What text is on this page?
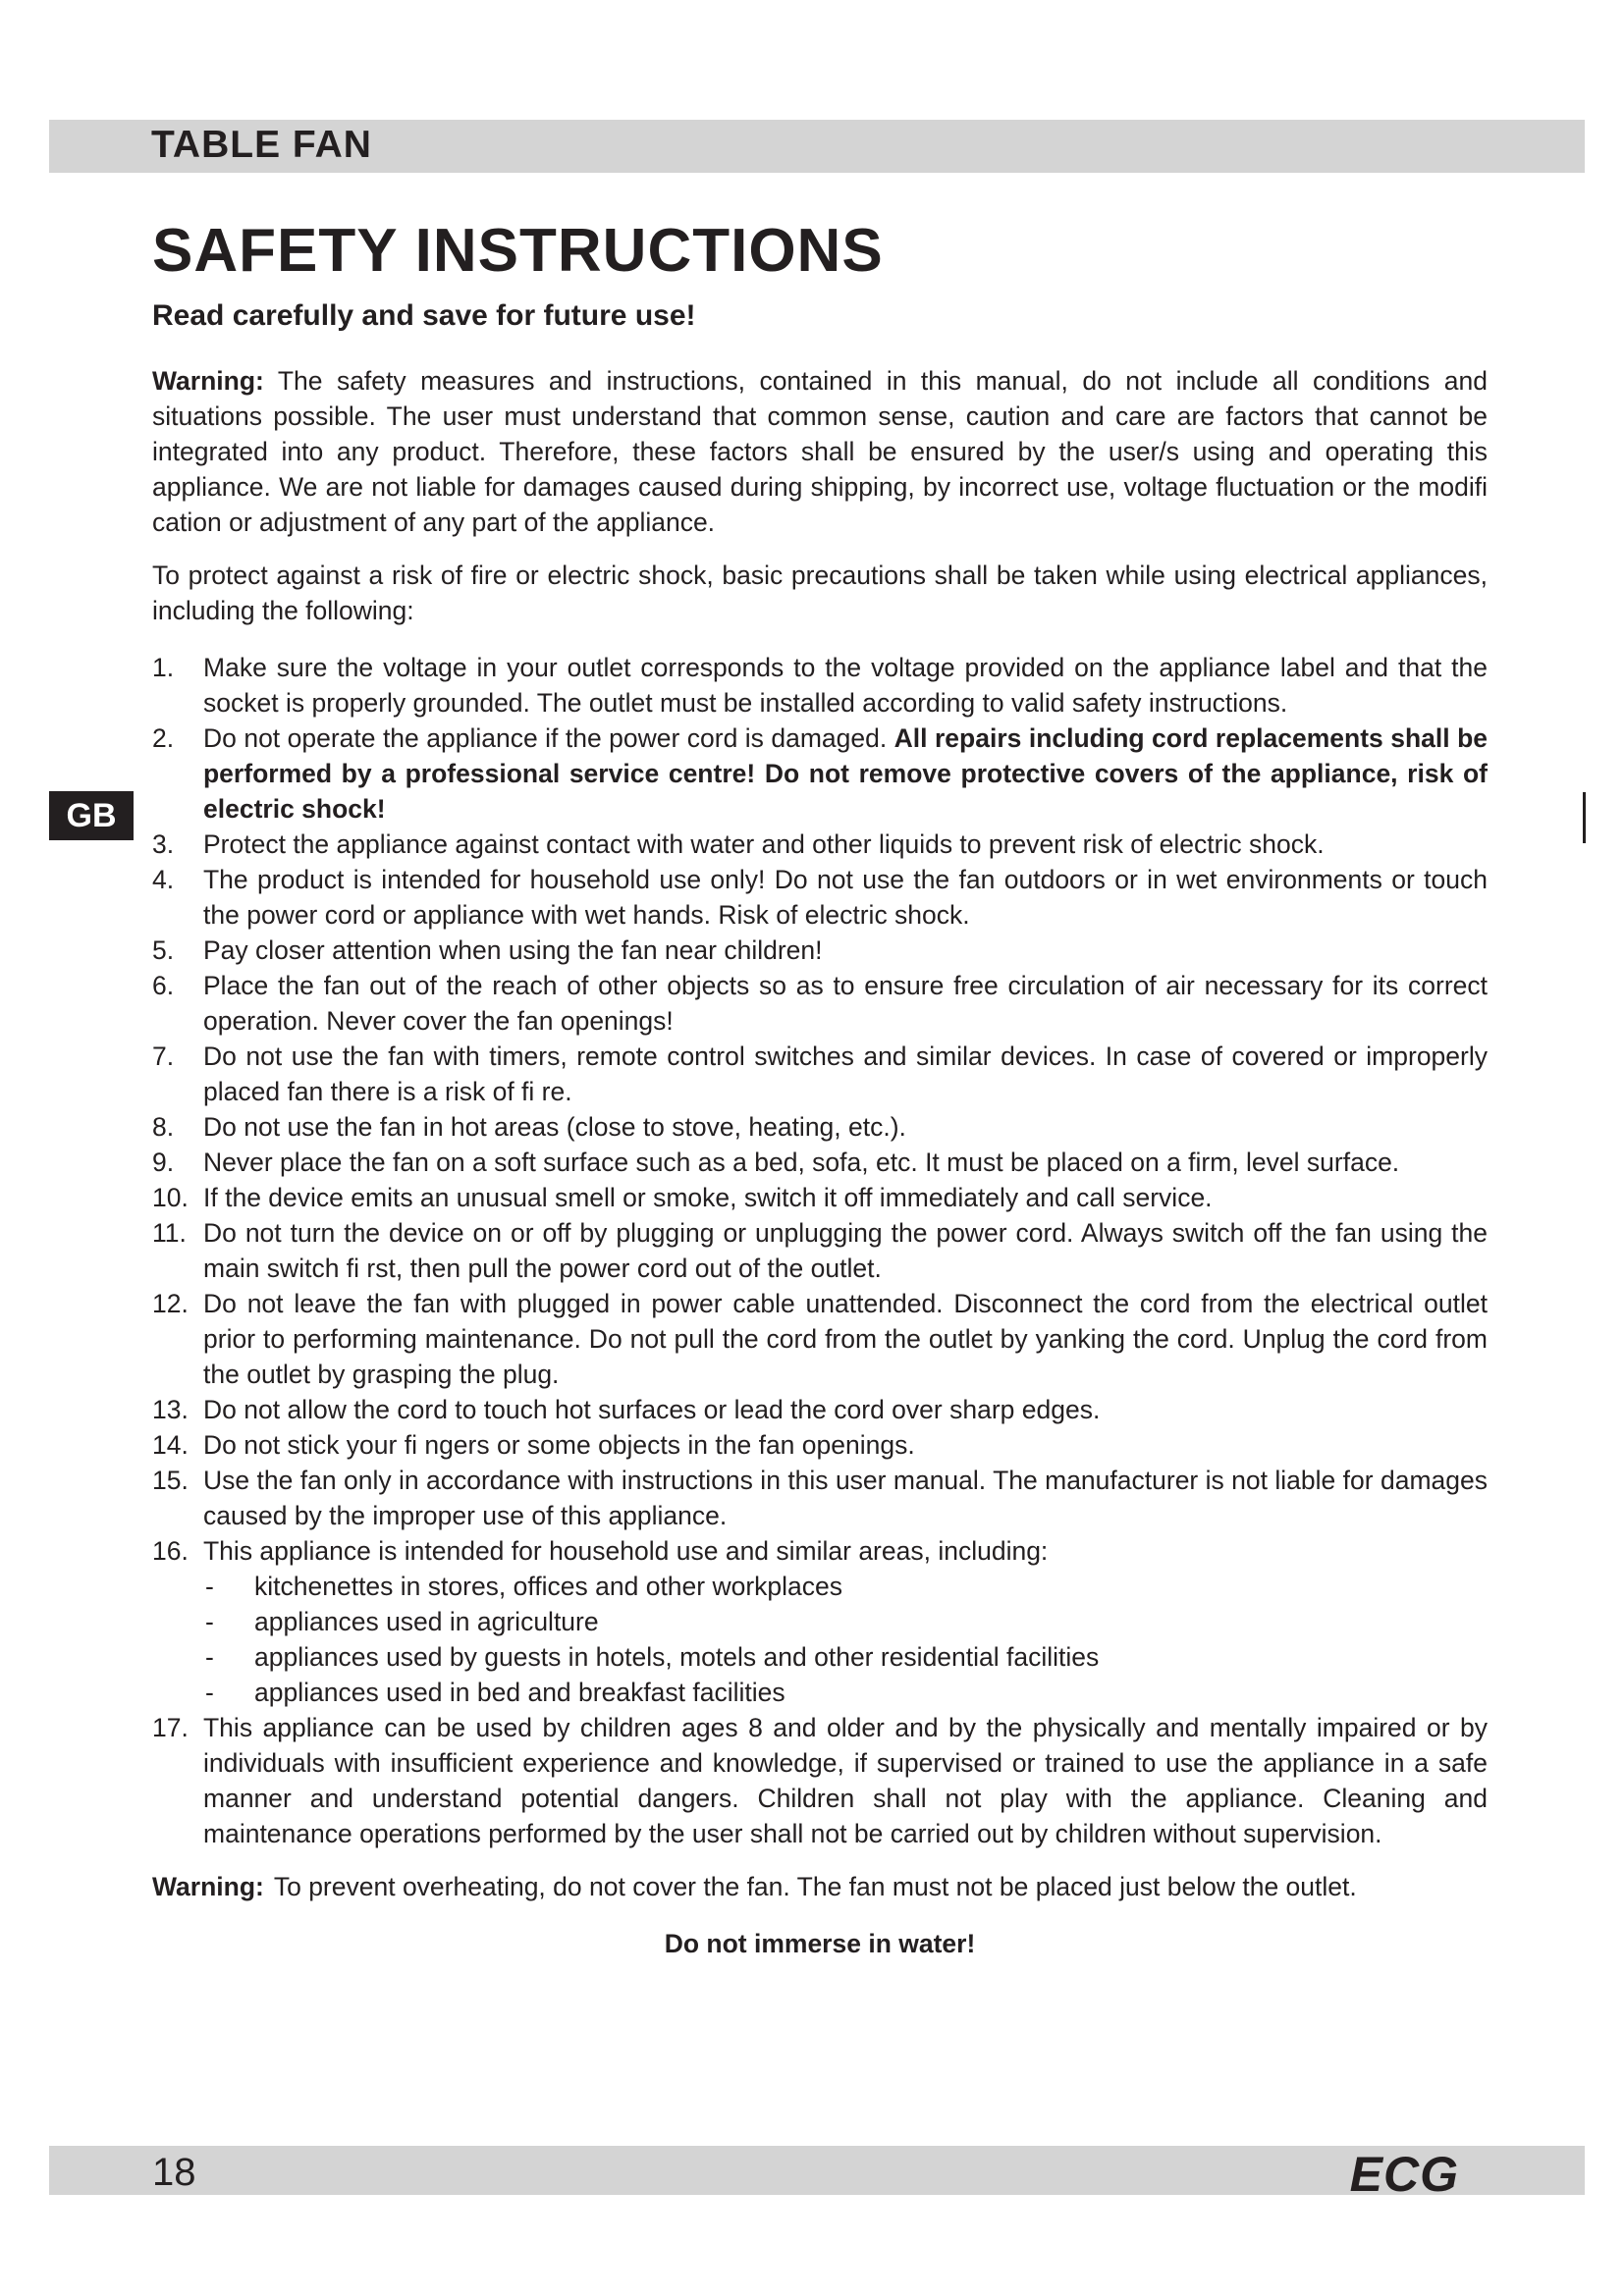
TABLE FAN
SAFETY INSTRUCTIONS
Read carefully and save for future use!

Warning: The safety measures and instructions, contained in this manual, do not include all conditions and situations possible. The user must understand that common sense, caution and care are factors that cannot be integrated into any product. Therefore, these factors shall be ensured by the user/s using and operating this appliance. We are not liable for damages caused during shipping, by incorrect use, voltage fluctuation or the modifi cation or adjustment of any part of the appliance.

To protect against a risk of fire or electric shock, basic precautions shall be taken while using electrical appliances, including the following:

1. Make sure the voltage in your outlet corresponds to the voltage provided on the appliance label and that the socket is properly grounded. The outlet must be installed according to valid safety instructions.
2. Do not operate the appliance if the power cord is damaged. All repairs including cord replacements shall be performed by a professional service centre! Do not remove protective covers of the appliance, risk of electric shock!
3. Protect the appliance against contact with water and other liquids to prevent risk of electric shock.
4. The product is intended for household use only! Do not use the fan outdoors or in wet environments or touch the power cord or appliance with wet hands. Risk of electric shock.
5. Pay closer attention when using the fan near children!
6. Place the fan out of the reach of other objects so as to ensure free circulation of air necessary for its correct operation. Never cover the fan openings!
7. Do not use the fan with timers, remote control switches and similar devices. In case of covered or improperly placed fan there is a risk of fi re.
8. Do not use the fan in hot areas (close to stove, heating, etc.).
9. Never place the fan on a soft surface such as a bed, sofa, etc. It must be placed on a firm, level surface.
10. If the device emits an unusual smell or smoke, switch it off immediately and call service.
11. Do not turn the device on or off by plugging or unplugging the power cord. Always switch off the fan using the main switch fi rst, then pull the power cord out of the outlet.
12. Do not leave the fan with plugged in power cable unattended. Disconnect the cord from the electrical outlet prior to performing maintenance. Do not pull the cord from the outlet by yanking the cord. Unplug the cord from the outlet by grasping the plug.
13. Do not allow the cord to touch hot surfaces or lead the cord over sharp edges.
14. Do not stick your fi ngers or some objects in the fan openings.
15. Use the fan only in accordance with instructions in this user manual. The manufacturer is not liable for damages caused by the improper use of this appliance.
16. This appliance is intended for household use and similar areas, including:
- kitchenettes in stores, offices and other workplaces
- appliances used in agriculture
- appliances used by guests in hotels, motels and other residential facilities
- appliances used in bed and breakfast facilities
17. This appliance can be used by children ages 8 and older and by the physically and mentally impaired or by individuals with insufficient experience and knowledge, if supervised or trained to use the appliance in a safe manner and understand potential dangers. Children shall not play with the appliance. Cleaning and maintenance operations performed by the user shall not be carried out by children without supervision.

Warning: To prevent overheating, do not cover the fan. The fan must not be placed just below the outlet.

Do not immerse in water!

GB
18	ECG
